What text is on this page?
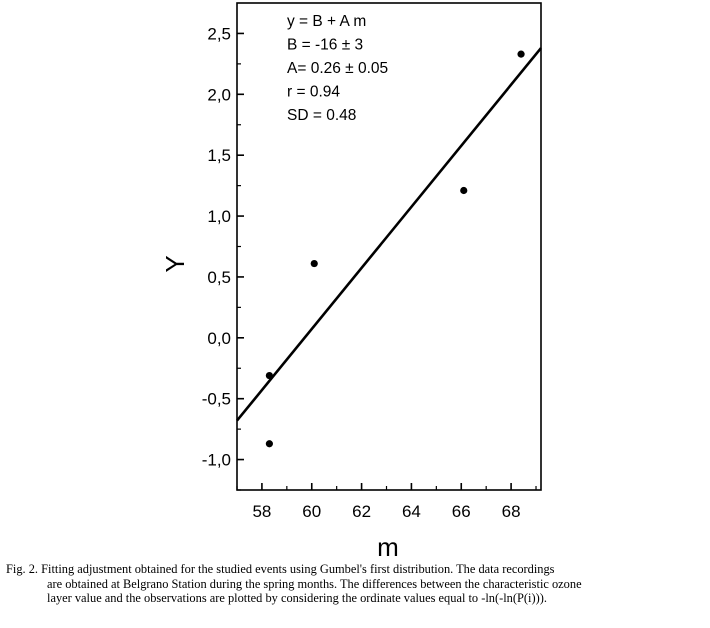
-1,0
-0,5
0,0
0,5
1,0
1,5
2,0
2,5
58 60 62 64 66 68
y = B + A m
B = -16 ± 3
A= 0.26 ± 0.05
r = 0.94
SD = 0.48
m
Y
Fig. 2. Fitting adjustment obtained for the studied events using Gumbel's first distribution. The data recordings
are obtained at Belgrano Station during the spring months. The differences between the characteristic ozone
layer value and the observations are plotted by considering the ordinate values equal to -ln(-ln(P(i))).
